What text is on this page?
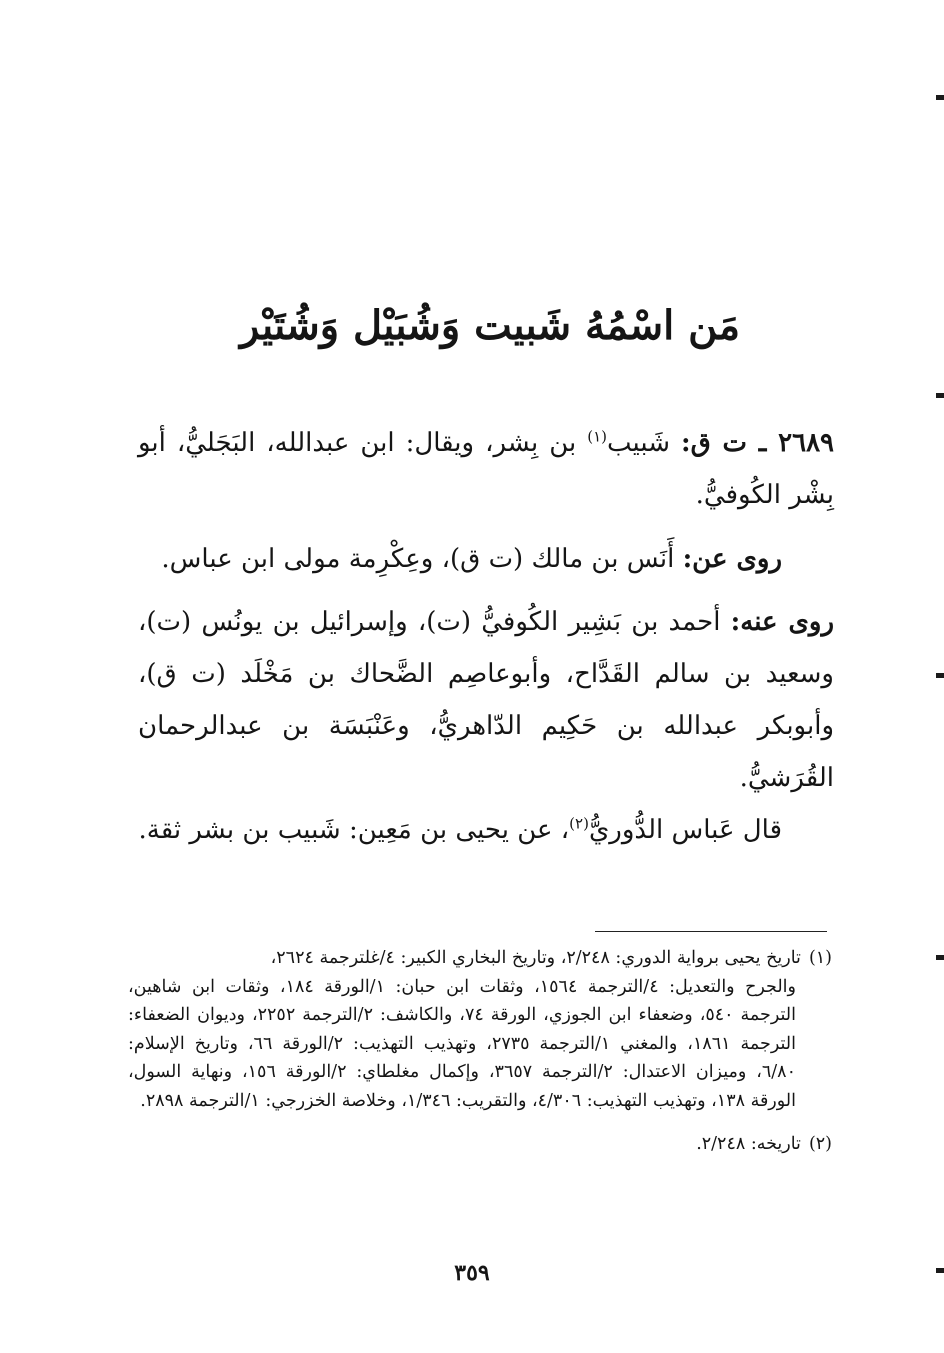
مَن اسْمُهُ شَبيت وَشُبَيْل وَشُتَيْر
٢٦٨٩ ـ ت ق: شَبيب$^{(١)}$ بن بِشر، ويقال: ابن عبدالله، البَجَليُّ، أبو بِشْر الكُوفيُّ.
روى عن: أَنَس بن مالك (ت ق)، وعِكْرِمة مولى ابن عباس.
روى عنه: أحمد بن بَشِير الكُوفيُّ (ت)، وإسرائيل بن يونُس (ت)، وسعيد بن سالم القَدَّاح، وأبوعاصِم الضَّحاك بن مَخْلَد (ت ق)، وأبوبكر عبدالله بن حَكِيم الدّاهريُّ، وعَنْبَسَة بن عبدالرحمان القُرَشيُّ.
قال عَباس الدُّوريُّ$^{(٢)}$، عن يحيى بن مَعِين: شَبيب بن بشر ثقة.
(١)تاريخ يحيى برواية الدوري: ٢/٢٤٨، وتاريخ البخاري الكبير: ٤/غلترجمة ٢٦٢٤،
والجرح والتعديل: ٤/الترجمة ١٥٦٤، وثقات ابن حبان: ١/الورقة ١٨٤، وثقات ابن شاهين، الترجمة ٥٤٠، وضعفاء ابن الجوزي، الورقة ٧٤، والكاشف: ٢/الترجمة ٢٢٥٢، وديوان الضعفاء: الترجمة ١٨٦١، والمغني ١/الترجمة ٢٧٣٥، وتهذيب التهذيب: ٢/الورقة ٦٦، وتاريخ الإسلام: ٦/٨٠، وميزان الاعتدال: ٢/الترجمة ٣٦٥٧، وإكمال مغلطاي: ٢/الورقة ١٥٦، ونهاية السول، الورقة ١٣٨، وتهذيب التهذيب: ٤/٣٠٦، والتقريب: ١/٣٤٦، وخلاصة الخزرجي: ١/الترجمة ٢٨٩٨.
(٢)تاريخه: ٢/٢٤٨.
٣٥٩
